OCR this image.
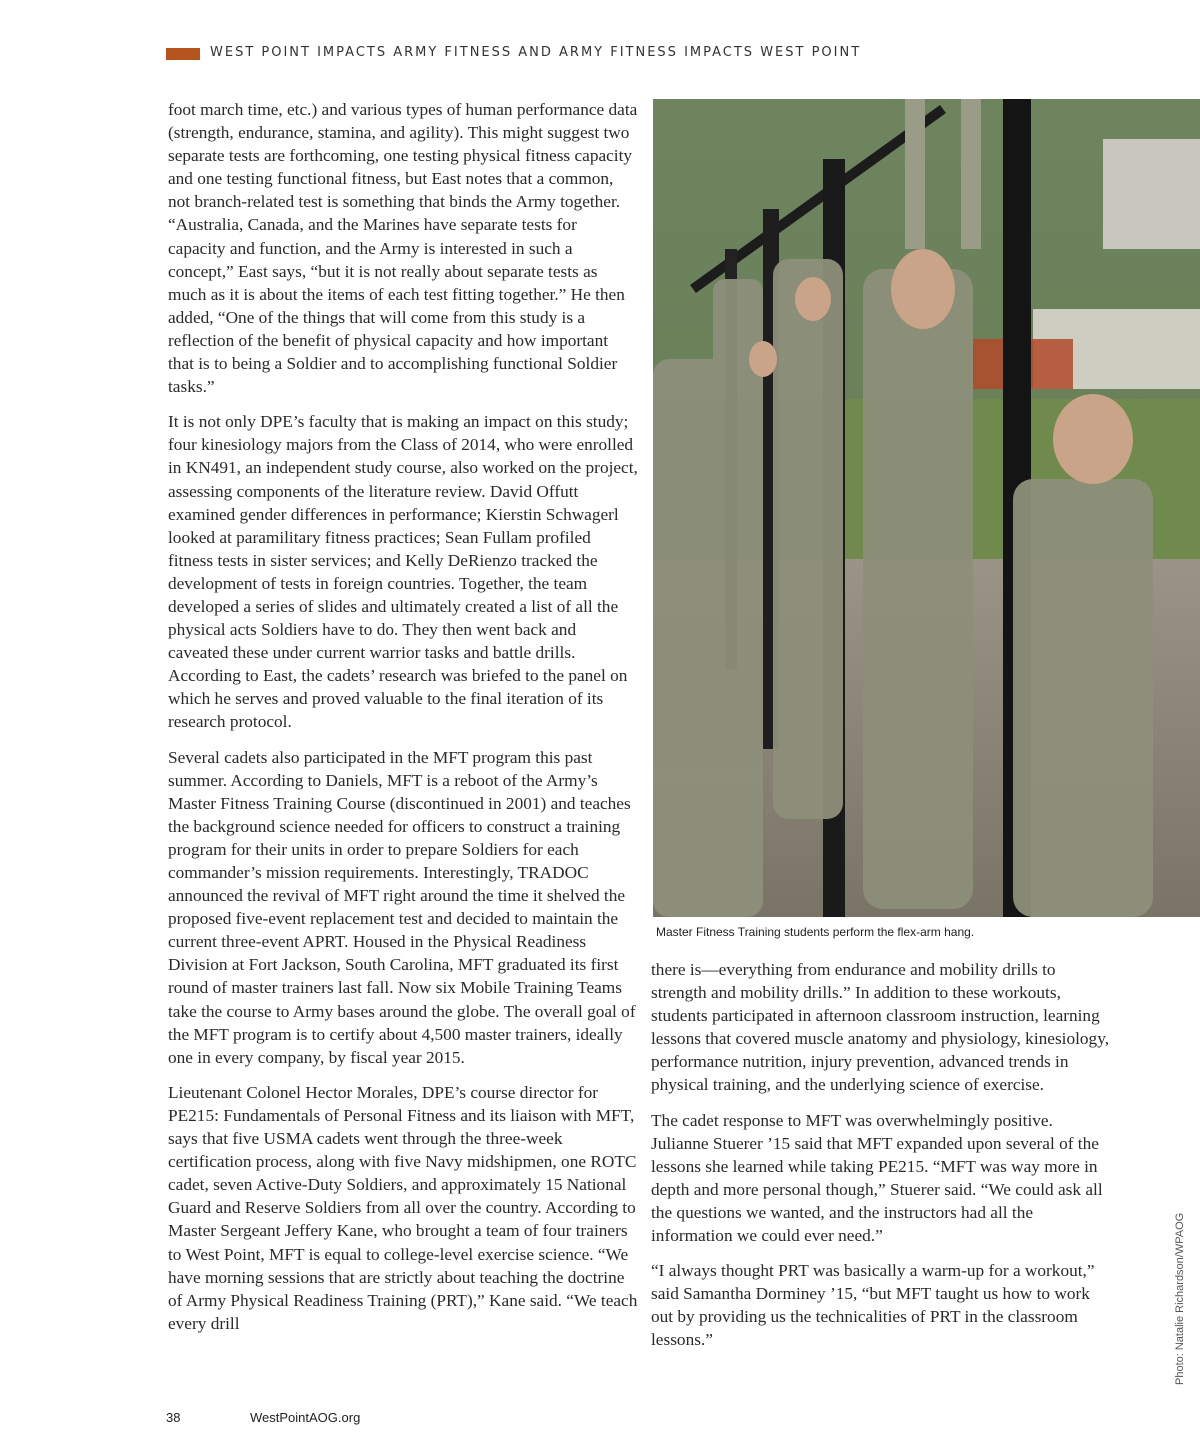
WEST POINT IMPACTS ARMY FITNESS AND ARMY FITNESS IMPACTS WEST POINT

foot march time, etc.) and various types of human performance data (strength, endurance, stamina, and agility). This might suggest two separate tests are forthcoming, one testing physical fitness capacity and one testing functional fitness, but East notes that a common, not branch-related test is something that binds the Army together. “Australia, Canada, and the Marines have separate tests for capacity and function, and the Army is interested in such a concept,” East says, “but it is not really about separate tests as much as it is about the items of each test fitting together.” He then added, “One of the things that will come from this study is a reflection of the benefit of physical capacity and how important that is to being a Soldier and to accomplishing functional Soldier tasks.”

It is not only DPE’s faculty that is making an impact on this study; four kinesiology majors from the Class of 2014, who were enrolled in KN491, an independent study course, also worked on the project, assessing components of the literature review. David Offutt examined gender differences in performance; Kierstin Schwagerl looked at paramilitary fitness practices; Sean Fullam profiled fitness tests in sister services; and Kelly DeRienzo tracked the development of tests in foreign countries. Together, the team developed a series of slides and ultimately created a list of all the physical acts Soldiers have to do. They then went back and caveated these under current warrior tasks and battle drills. According to East, the cadets’ research was briefed to the panel on which he serves and proved valuable to the final iteration of its research protocol.

Several cadets also participated in the MFT program this past summer. According to Daniels, MFT is a reboot of the Army’s Master Fitness Training Course (discontinued in 2001) and teaches the background science needed for officers to construct a training program for their units in order to prepare Soldiers for each commander’s mission requirements. Interestingly, TRADOC announced the revival of MFT right around the time it shelved the proposed five-event replacement test and decided to maintain the current three-event APRT. Housed in the Physical Readiness Division at Fort Jackson, South Carolina, MFT graduated its first round of master trainers last fall. Now six Mobile Training Teams take the course to Army bases around the globe. The overall goal of the MFT program is to certify about 4,500 master trainers, ideally one in every company, by fiscal year 2015.

Lieutenant Colonel Hector Morales, DPE’s course director for PE215: Fundamentals of Personal Fitness and its liaison with MFT, says that five USMA cadets went through the three-week certification process, along with five Navy midshipmen, one ROTC cadet, seven Active-Duty Soldiers, and approximately 15 National Guard and Reserve Soldiers from all over the country. According to Master Sergeant Jeffery Kane, who brought a team of four trainers to West Point, MFT is equal to college-level exercise science. “We have morning sessions that are strictly about teaching the doctrine of Army Physical Readiness Training (PRT),” Kane said. “We teach every drill

Master Fitness Training students perform the flex-arm hang.
Photo: Natalie Richardson/WPAOG

there is—everything from endurance and mobility drills to strength and mobility drills.” In addition to these workouts, students participated in afternoon classroom instruction, learning lessons that covered muscle anatomy and physiology, kinesiology, performance nutrition, injury prevention, advanced trends in physical training, and the underlying science of exercise.

The cadet response to MFT was overwhelmingly positive. Julianne Stuerer ’15 said that MFT expanded upon several of the lessons she learned while taking PE215. “MFT was way more in depth and more personal though,” Stuerer said. “We could ask all the questions we wanted, and the instructors had all the information we could ever need.”

“I always thought PRT was basically a warm-up for a workout,” said Samantha Dorminey ’15, “but MFT taught us how to work out by providing us the technicalities of PRT in the classroom lessons.”

38	WestPointAOG.org
